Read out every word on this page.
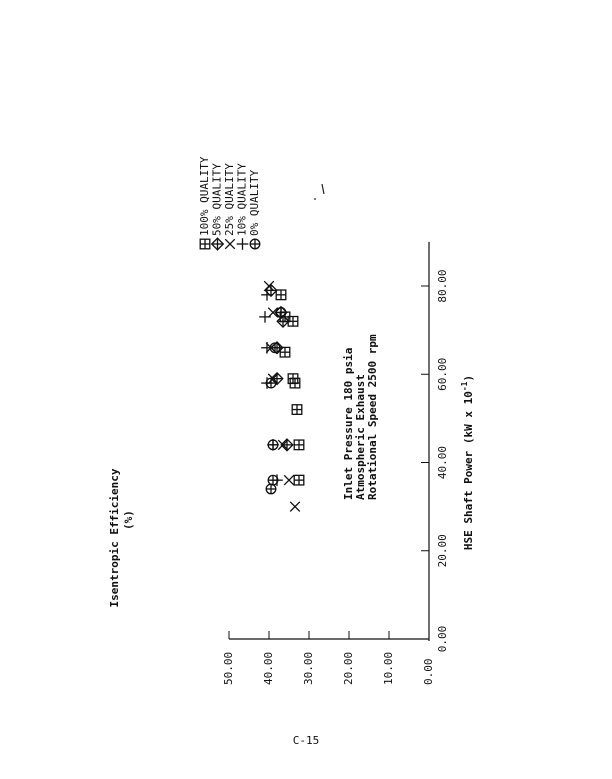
0.00
20.00
40.00
60.00
80.00
0.00
10.00
20.00
30.00
40.00
50.00
HSE Shaft Power (kW x $10^{-1}$)
Isentropic Efficiency (%)
Inlet Pressure 180 psia Atmospheric Exhaust Rotational Speed 2500 rpm
100% QUALITY 50% QUALITY 25% QUALITY 10% QUALITY 0% QUALITY
C-15
